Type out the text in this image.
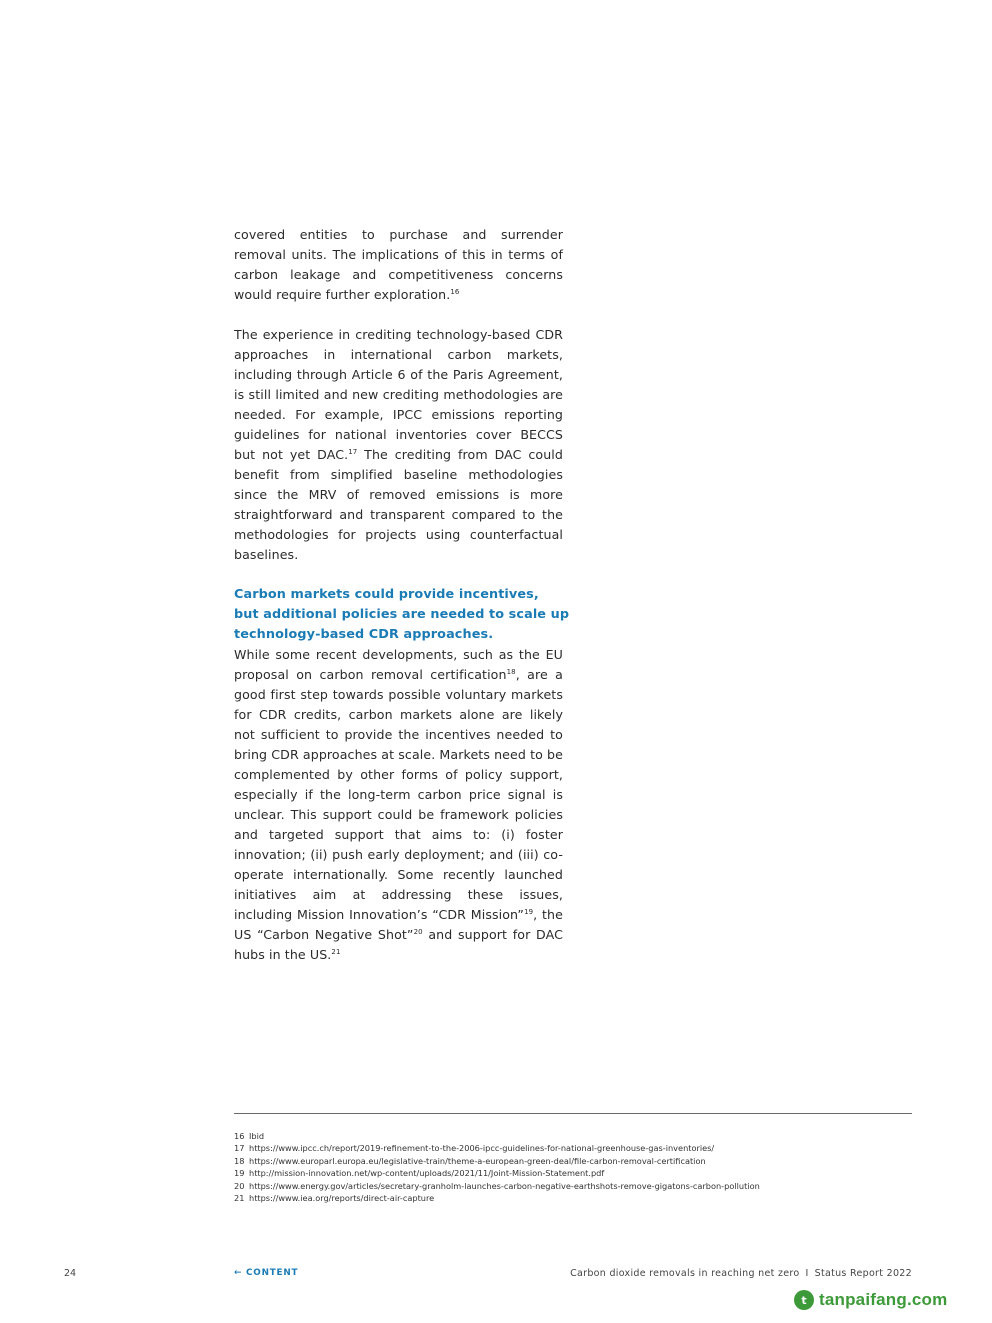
covered entities to purchase and surrender removal units. The implications of this in terms of carbon leakage and competitiveness concerns would require further exploration.$^{16}$

The experience in crediting technology-based CDR approaches in international carbon markets, including through Article 6 of the Paris Agreement, is still limited and new crediting methodologies are needed. For example, IPCC emissions reporting guidelines for national inventories cover BECCS but not yet DAC.$^{17}$ The crediting from DAC could benefit from simplified baseline methodologies since the MRV of removed emissions is more straightforward and transparent compared to the methodologies for projects using counterfactual baselines.

Carbon markets could provide incentives,
but additional policies are needed to scale up
technology-based CDR approaches.

While some recent developments, such as the EU proposal on carbon removal certification$^{18}$, are a good first step towards possible voluntary markets for CDR credits, carbon markets alone are likely not sufficient to provide the incentives needed to bring CDR approaches at scale. Markets need to be complemented by other forms of policy support, especially if the long-term carbon price signal is unclear. This support could be framework policies and targeted support that aims to: (i) foster innovation; (ii) push early deployment; and (iii) co-operate internationally. Some recently launched initiatives aim at addressing these issues, including Mission Innovation’s “CDR Mission”$^{19}$, the US “Carbon Negative Shot”$^{20}$ and support for DAC hubs in the US.$^{21}$

16 Ibid
17 https://www.ipcc.ch/report/2019-refinement-to-the-2006-ipcc-guidelines-for-national-greenhouse-gas-inventories/
18 https://www.europarl.europa.eu/legislative-train/theme-a-european-green-deal/file-carbon-removal-certification
19 http://mission-innovation.net/wp-content/uploads/2021/11/Joint-Mission-Statement.pdf
20 https://www.energy.gov/articles/secretary-granholm-launches-carbon-negative-earthshots-remove-gigatons-carbon-pollution
21 https://www.iea.org/reports/direct-air-capture
24	← CONTENT	Carbon dioxide removals in reaching net zero I Status Report 2022
t tanpaifang.com
